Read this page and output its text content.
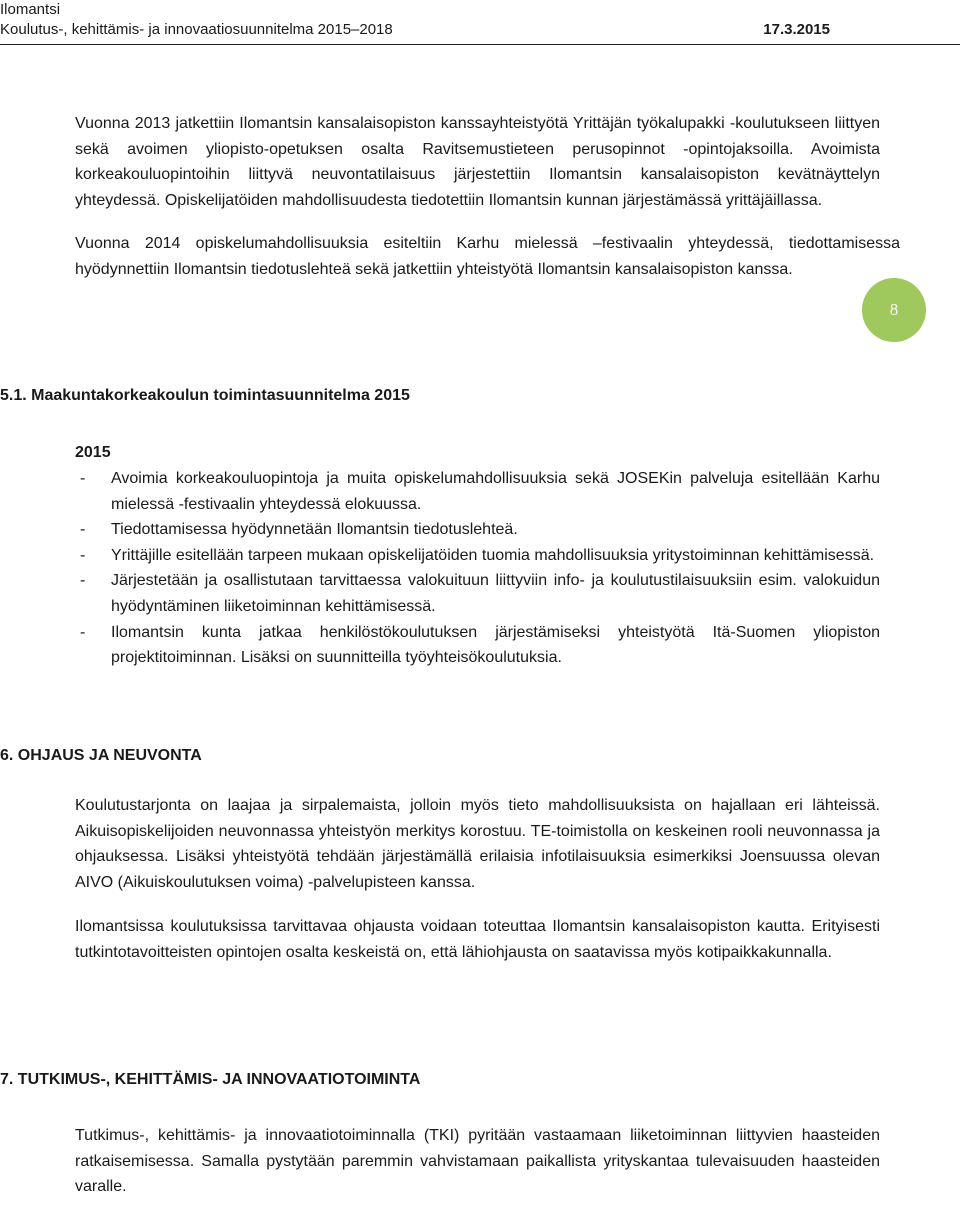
Ilomantsi
Koulutus-, kehittämis- ja innovaatiosuunnitelma 2015–2018	17.3.2015

Vuonna 2013 jatkettiin Ilomantsin kansalaisopiston kanssayhteistyötä Yrittäjän työkalupakki -koulutukseen liittyen sekä avoimen yliopisto-opetuksen osalta Ravitsemustieteen perusopinnot -opintojaksoilla. Avoimista korkeakouluopintoihin liittyvä neuvontatilaisuus järjestettiin Ilomantsin kansalaisopiston kevätnäyttelyn yhteydessä. Opiskelijatöiden mahdollisuudesta tiedotettiin Ilomantsin kunnan järjestämässä yrittäjäillassa.

Vuonna 2014 opiskelumahdollisuuksia esiteltiin Karhu mielessä –festivaalin yhteydessä, tiedottamisessa hyödynnettiin Ilomantsin tiedotuslehteä sekä jatkettiin yhteistyötä Ilomantsin kansalaisopiston kanssa.

8
5.1. Maakuntakorkeakoulun toimintasuunnitelma 2015
2015
- Avoimia korkeakouluopintoja ja muita opiskelumahdollisuuksia sekä JOSEKin palveluja esitellään Karhu mielessä -festivaalin yhteydessä elokuussa.
- Tiedottamisessa hyödynnetään Ilomantsin tiedotuslehteä.
- Yrittäjille esitellään tarpeen mukaan opiskelijatöiden tuomia mahdollisuuksia yritystoiminnan kehittämisessä.
- Järjestetään ja osallistutaan tarvittaessa valokuituun liittyviin info- ja koulutustilaisuuksiin esim. valokuidun hyödyntäminen liiketoiminnan kehittämisessä.
- Ilomantsin kunta jatkaa henkilöstökoulutuksen järjestämiseksi yhteistyötä Itä-Suomen yliopiston projektitoiminnan. Lisäksi on suunnitteilla työyhteisökoulutuksia.
6. OHJAUS JA NEUVONTA

Koulutustarjonta on laajaa ja sirpalemaista, jolloin myös tieto mahdollisuuksista on hajallaan eri lähteissä. Aikuisopiskelijoiden neuvonnassa yhteistyön merkitys korostuu. TE-toimistolla on keskeinen rooli neuvonnassa ja ohjauksessa. Lisäksi yhteistyötä tehdään järjestämällä erilaisia infotilaisuuksia esimerkiksi Joensuussa olevan AIVO (Aikuiskoulutuksen voima) -palvelupisteen kanssa.

Ilomantsissa koulutuksissa tarvittavaa ohjausta voidaan toteuttaa Ilomantsin kansalaisopiston kautta. Erityisesti tutkintotavoitteisten opintojen osalta keskeistä on, että lähiohjausta on saatavissa myös kotipaikkakunnalla.

7. TUTKIMUS-, KEHITTÄMIS- JA INNOVAATIOTOIMINTA

Tutkimus-, kehittämis- ja innovaatiotoiminnalla (TKI) pyritään vastaamaan liiketoiminnan liittyvien haasteiden ratkaisemisessa. Samalla pystytään paremmin vahvistamaan paikallista yrityskantaa tulevaisuuden haasteiden varalle.
